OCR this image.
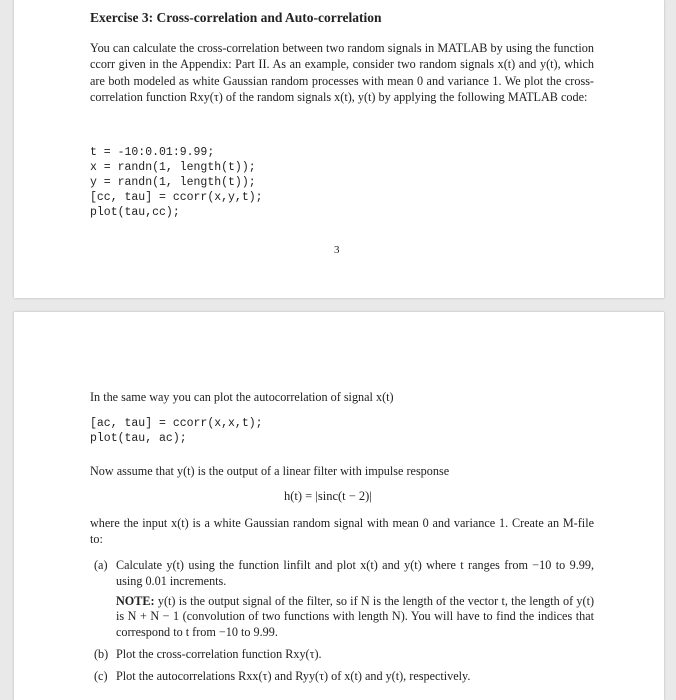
Exercise 3: Cross-correlation and Auto-correlation
You can calculate the cross-correlation between two random signals in MATLAB by using the function ccorr given in the Appendix: Part II. As an example, consider two random signals x(t) and y(t), which are both modeled as white Gaussian random processes with mean 0 and variance 1. We plot the cross-correlation function Rxy(τ) of the random signals x(t), y(t) by applying the following MATLAB code:
t = -10:0.01:9.99;
x = randn(1, length(t));
y = randn(1, length(t));
[cc, tau] = ccorr(x,y,t);
plot(tau,cc);
3
In the same way you can plot the autocorrelation of signal x(t)
[ac, tau] = ccorr(x,x,t);
plot(tau, ac);
Now assume that y(t) is the output of a linear filter with impulse response
h(t) = |sinc(t − 2)|
where the input x(t) is a white Gaussian random signal with mean 0 and variance 1. Create an M-file to:
(a) Calculate y(t) using the function linfilt and plot x(t) and y(t) where t ranges from −10 to 9.99, using 0.01 increments.
NOTE: y(t) is the output signal of the filter, so if N is the length of the vector t, the length of y(t) is N + N − 1 (convolution of two functions with length N). You will have to find the indices that correspond to t from −10 to 9.99.
(b) Plot the cross-correlation function Rxy(τ).
(c) Plot the autocorrelations Rxx(τ) and Ryy(τ) of x(t) and y(t), respectively.
